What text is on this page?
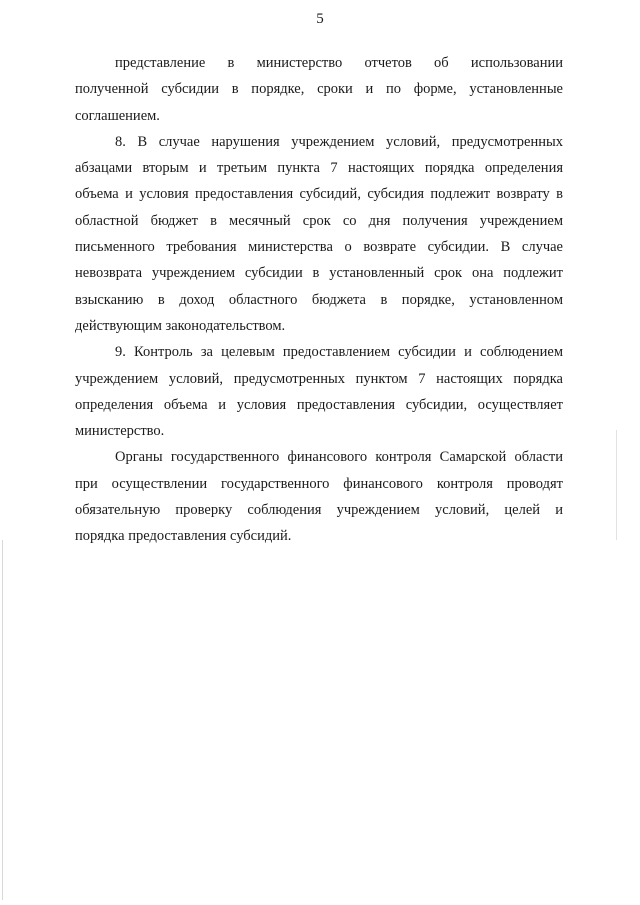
5
представление в министерство отчетов об использовании
полученной субсидии в порядке, сроки и по форме, установленные
соглашением.
8. В случае нарушения учреждением условий, предусмотренных
абзацами вторым и третьим пункта 7 настоящих порядка определения
объема и условия предоставления субсидий, субсидия подлежит возврату в
областной бюджет в месячный срок со дня получения учреждением
письменного требования министерства о возврате субсидии. В случае
невозврата учреждением субсидии в установленный срок она подлежит
взысканию в доход областного бюджета в порядке, установленном
действующим законодательством.
9. Контроль за целевым предоставлением субсидии и соблюдением
учреждением условий, предусмотренных пунктом 7 настоящих порядка
определения объема и условия предоставления субсидии, осуществляет
министерство.
Органы государственного финансового контроля Самарской области
при осуществлении государственного финансового контроля проводят
обязательную проверку соблюдения учреждением условий, целей и
порядка предоставления субсидий.
